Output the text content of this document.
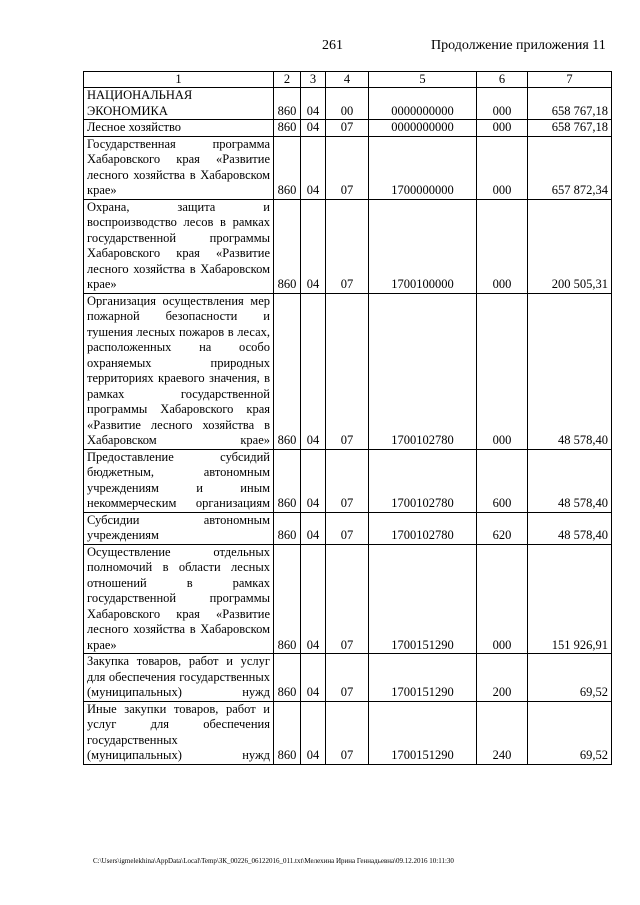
261	Продолжение приложения 11
1	2	3	4	5	6	7

НАЦИОНАЛЬНАЯ ЭКОНОМИКА	860	04	00	0000000000	000	658 767,18

Лесное хозяйство	860	04	07	0000000000	000	658 767,18

Государственная программа Хабаровского края «Развитие лесного хозяйства в Хабаровском крае»	860	04	07	1700000000	000	657 872,34

Охрана, защита и воспроизводство лесов в рамках государственной программы Хабаровского края «Развитие лесного хозяйства в Хабаровском крае»	860	04	07	1700100000	000	200 505,31

Организация осуществления мер пожарной безопасности и тушения лесных пожаров в лесах, расположенных на особо охраняемых природных территориях краевого значения, в рамках государственной программы Хабаровского края «Развитие лесного хозяйства в Хабаровском крае»	860	04	07	1700102780	000	48 578,40

Предоставление субсидий бюджетным, автономным учреждениям и иным некоммерческим организациям	860	04	07	1700102780	600	48 578,40

Субсидии автономным учреждениям	860	04	07	1700102780	620	48 578,40

Осуществление отдельных полномочий в области лесных отношений в рамках государственной программы Хабаровского края «Развитие лесного хозяйства в Хабаровском крае»	860	04	07	1700151290	000	151 926,91

Закупка товаров, работ и услуг для обеспечения государственных (муниципальных) нужд	860	04	07	1700151290	200	69,52

Иные закупки товаров, работ и услуг для обеспечения государственных (муниципальных) нужд	860	04	07	1700151290	240	69,52
C:\Users\igmelekhina\AppData\Local\Temp\ЗК_00226_06122016_011.txt\Мелехина Ирина Геннадьевна\09.12.2016 10:11:30
